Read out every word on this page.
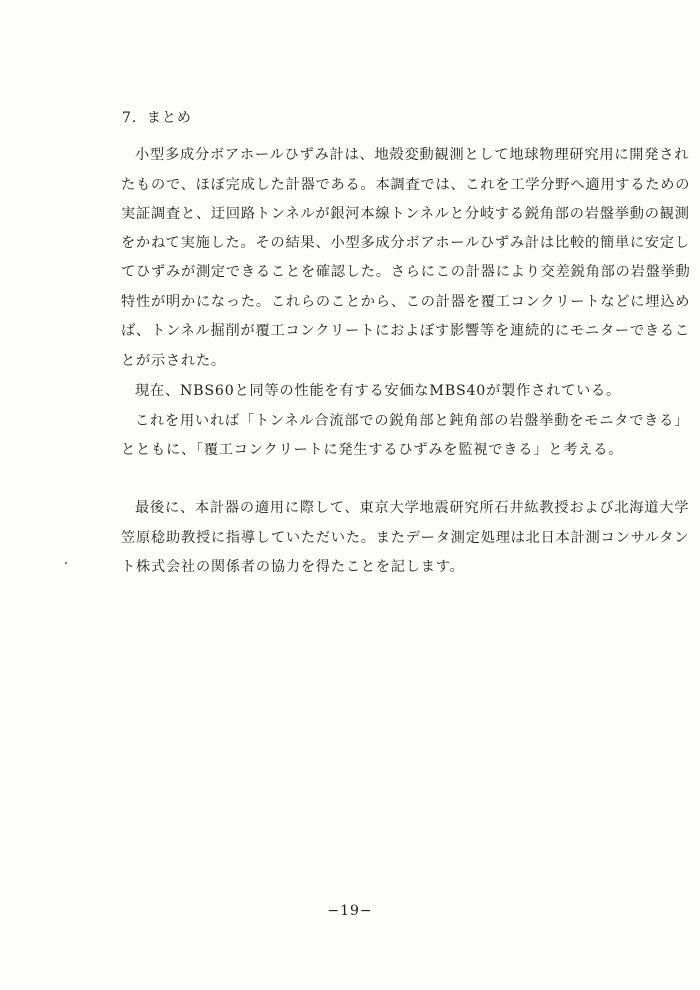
7．まとめ

小型多成分ボアホールひずみ計は、地殻変動観測として地球物理研究用に開発され

たもので、ほぼ完成した計器である。本調査では、これを工学分野へ適用するための

実証調査と、迂回路トンネルが銀河本線トンネルと分岐する鋭角部の岩盤挙動の観測

をかねて実施した。その結果、小型多成分ボアホールひずみ計は比較的簡単に安定し

てひずみが測定できることを確認した。さらにこの計器により交差鋭角部の岩盤挙動

特性が明かになった。これらのことから、この計器を覆工コンクリートなどに埋込め

ば、トンネル掘削が覆工コンクリートにおよぼす影響等を連続的にモニターできるこ

とが示された。

現在、NBS60と同等の性能を有する安価なMBS40が製作されている。

これを用いれば「トンネル合流部での鋭角部と鈍角部の岩盤挙動をモニタできる」

とともに、「覆工コンクリートに発生するひずみを監視できる」と考える。

最後に、本計器の適用に際して、東京大学地震研究所石井紘教授および北海道大学

笠原稔助教授に指導していただいた。またデータ測定処理は北日本計測コンサルタン

ト株式会社の関係者の協力を得たことを記します。

−19−
